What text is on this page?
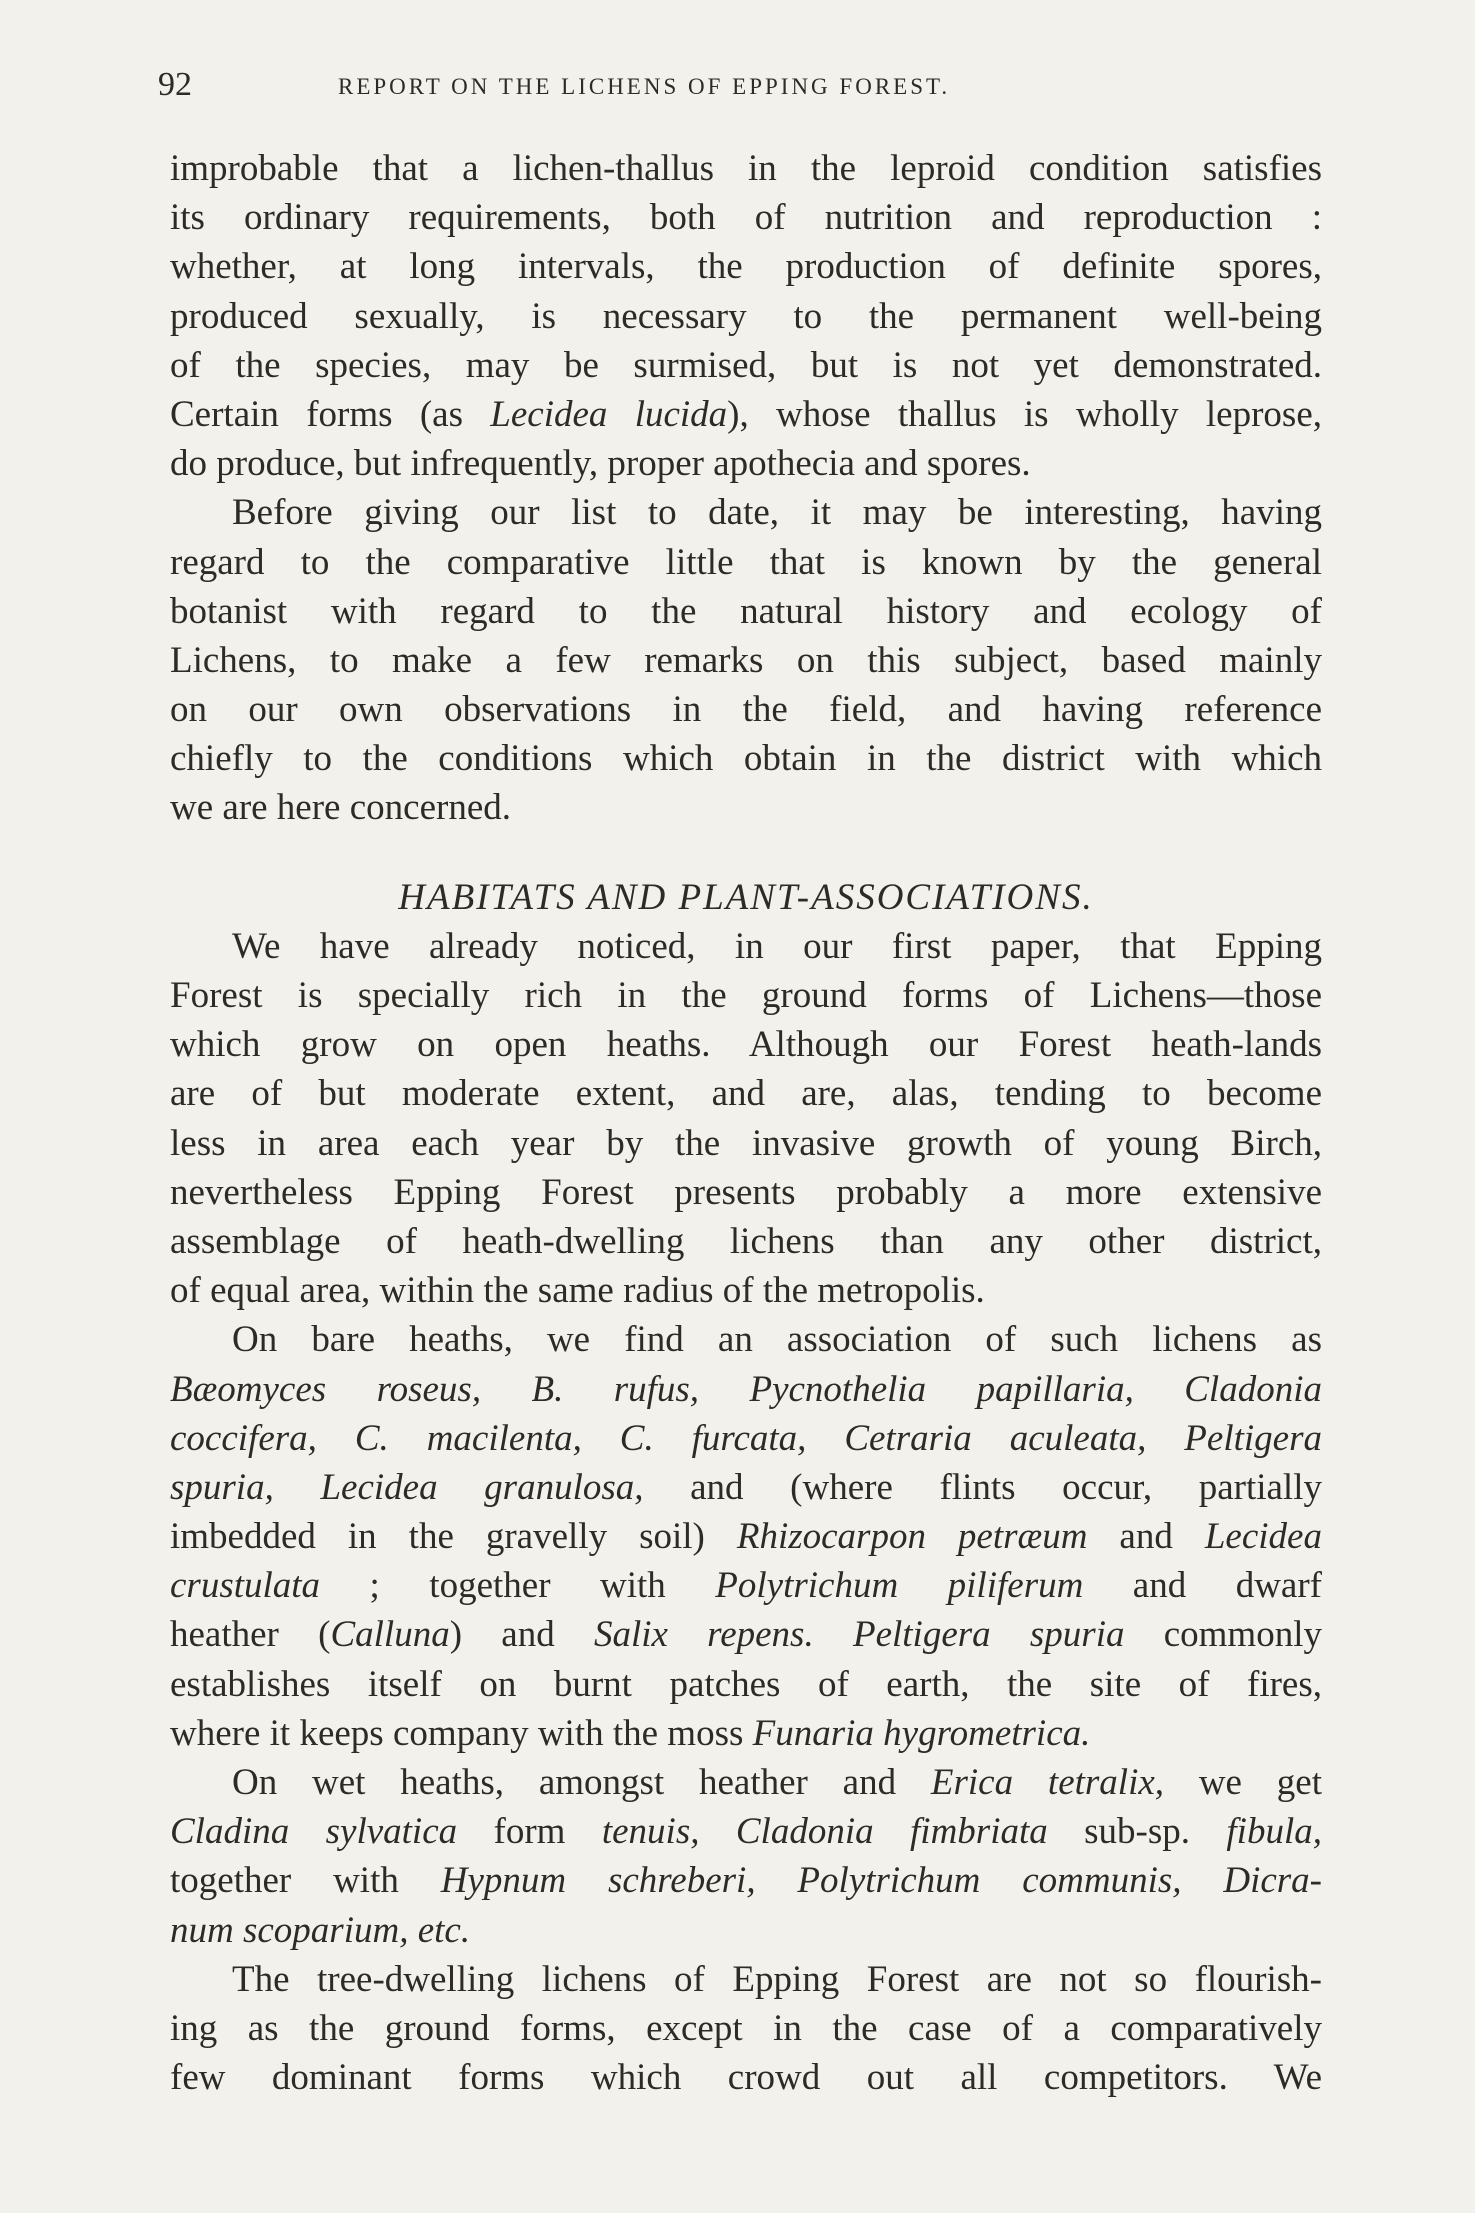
92	REPORT ON THE LICHENS OF EPPING FOREST.
improbable that a lichen-thallus in the leproid condition satisfies
its ordinary requirements, both of nutrition and reproduction :
whether, at long intervals, the production of definite spores,
produced sexually, is necessary to the permanent well-being
of the species, may be surmised, but is not yet demonstrated.
Certain forms (as Lecidea lucida), whose thallus is wholly leprose,
do produce, but infrequently, proper apothecia and spores.
Before giving our list to date, it may be interesting, having
regard to the comparative little that is known by the general
botanist with regard to the natural history and ecology of
Lichens, to make a few remarks on this subject, based mainly
on our own observations in the field, and having reference
chiefly to the conditions which obtain in the district with which
we are here concerned.
HABITATS AND PLANT-ASSOCIATIONS.
We have already noticed, in our first paper, that Epping
Forest is specially rich in the ground forms of Lichens—those
which grow on open heaths. Although our Forest heath-lands
are of but moderate extent, and are, alas, tending to become
less in area each year by the invasive growth of young Birch,
nevertheless Epping Forest presents probably a more extensive
assemblage of heath-dwelling lichens than any other district,
of equal area, within the same radius of the metropolis.
On bare heaths, we find an association of such lichens as
Bæomyces roseus, B. rufus, Pycnothelia papillaria, Cladonia
coccifera, C. macilenta, C. furcata, Cetraria aculeata, Peltigera
spuria, Lecidea granulosa, and (where flints occur, partially
imbedded in the gravelly soil) Rhizocarpon petræum and Lecidea
crustulata ; together with Polytrichum piliferum and dwarf
heather (Calluna) and Salix repens. Peltigera spuria commonly
establishes itself on burnt patches of earth, the site of fires,
where it keeps company with the moss Funaria hygrometrica.
On wet heaths, amongst heather and Erica tetralix, we get
Cladina sylvatica form tenuis, Cladonia fimbriata sub-sp. fibula,
together with Hypnum schreberi, Polytrichum communis, Dicra-
num scoparium, etc.
The tree-dwelling lichens of Epping Forest are not so flourish-
ing as the ground forms, except in the case of a comparatively
few dominant forms which crowd out all competitors. We
